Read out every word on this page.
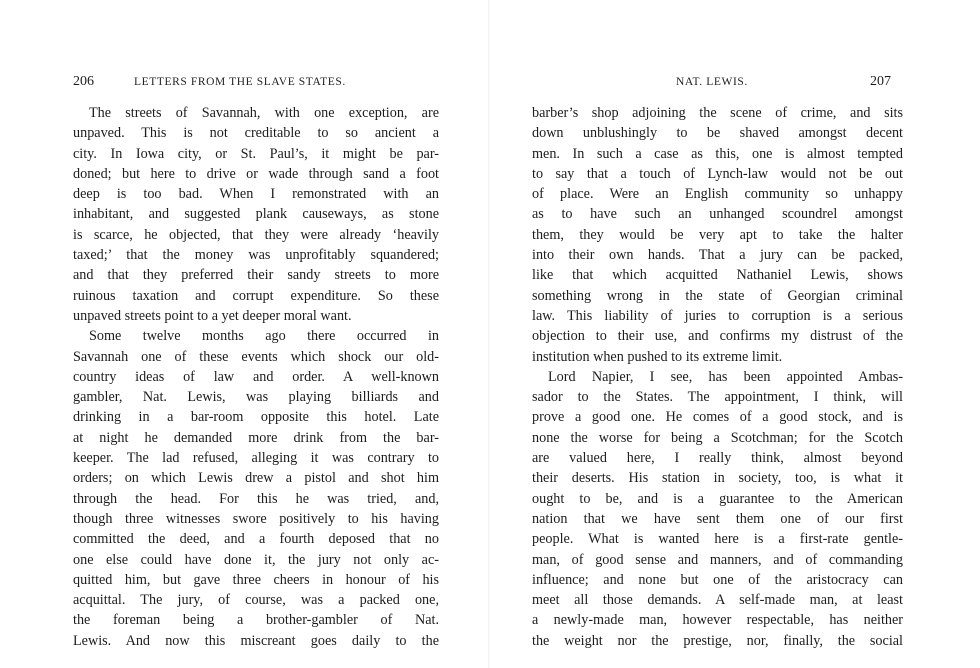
206	LETTERS FROM THE SLAVE STATES.
The streets of Savannah, with one exception, are
unpaved. This is not creditable to so ancient a
city. In Iowa city, or St. Paul’s, it might be par-
doned; but here to drive or wade through sand a foot
deep is too bad. When I remonstrated with an
inhabitant, and suggested plank causeways, as stone
is scarce, he objected, that they were already ‘heavily
taxed;’ that the money was unprofitably squandered;
and that they preferred their sandy streets to more
ruinous taxation and corrupt expenditure. So these
unpaved streets point to a yet deeper moral want.
Some twelve months ago there occurred in
Savannah one of these events which shock our old-
country ideas of law and order. A well-known
gambler, Nat. Lewis, was playing billiards and
drinking in a bar-room opposite this hotel. Late
at night he demanded more drink from the bar-
keeper. The lad refused, alleging it was contrary to
orders; on which Lewis drew a pistol and shot him
through the head. For this he was tried, and,
though three witnesses swore positively to his having
committed the deed, and a fourth deposed that no
one else could have done it, the jury not only ac-
quitted him, but gave three cheers in honour of his
acquittal. The jury, of course, was a packed one,
the foreman being a brother-gambler of Nat.
Lewis. And now this miscreant goes daily to the
NAT. LEWIS.	207
barber’s shop adjoining the scene of crime, and sits
down unblushingly to be shaved amongst decent
men. In such a case as this, one is almost tempted
to say that a touch of Lynch-law would not be out
of place. Were an English community so unhappy
as to have such an unhanged scoundrel amongst
them, they would be very apt to take the halter
into their own hands. That a jury can be packed,
like that which acquitted Nathaniel Lewis, shows
something wrong in the state of Georgian criminal
law. This liability of juries to corruption is a serious
objection to their use, and confirms my distrust of the
institution when pushed to its extreme limit.
Lord Napier, I see, has been appointed Ambas-
sador to the States. The appointment, I think, will
prove a good one. He comes of a good stock, and is
none the worse for being a Scotchman; for the Scotch
are valued here, I really think, almost beyond
their deserts. His station in society, too, is what it
ought to be, and is a guarantee to the American
nation that we have sent them one of our first
people. What is wanted here is a first-rate gentle-
man, of good sense and manners, and of commanding
influence; and none but one of the aristocracy can
meet all those demands. A self-made man, at least
a newly-made man, however respectable, has neither
the weight nor the prestige, nor, finally, the social
